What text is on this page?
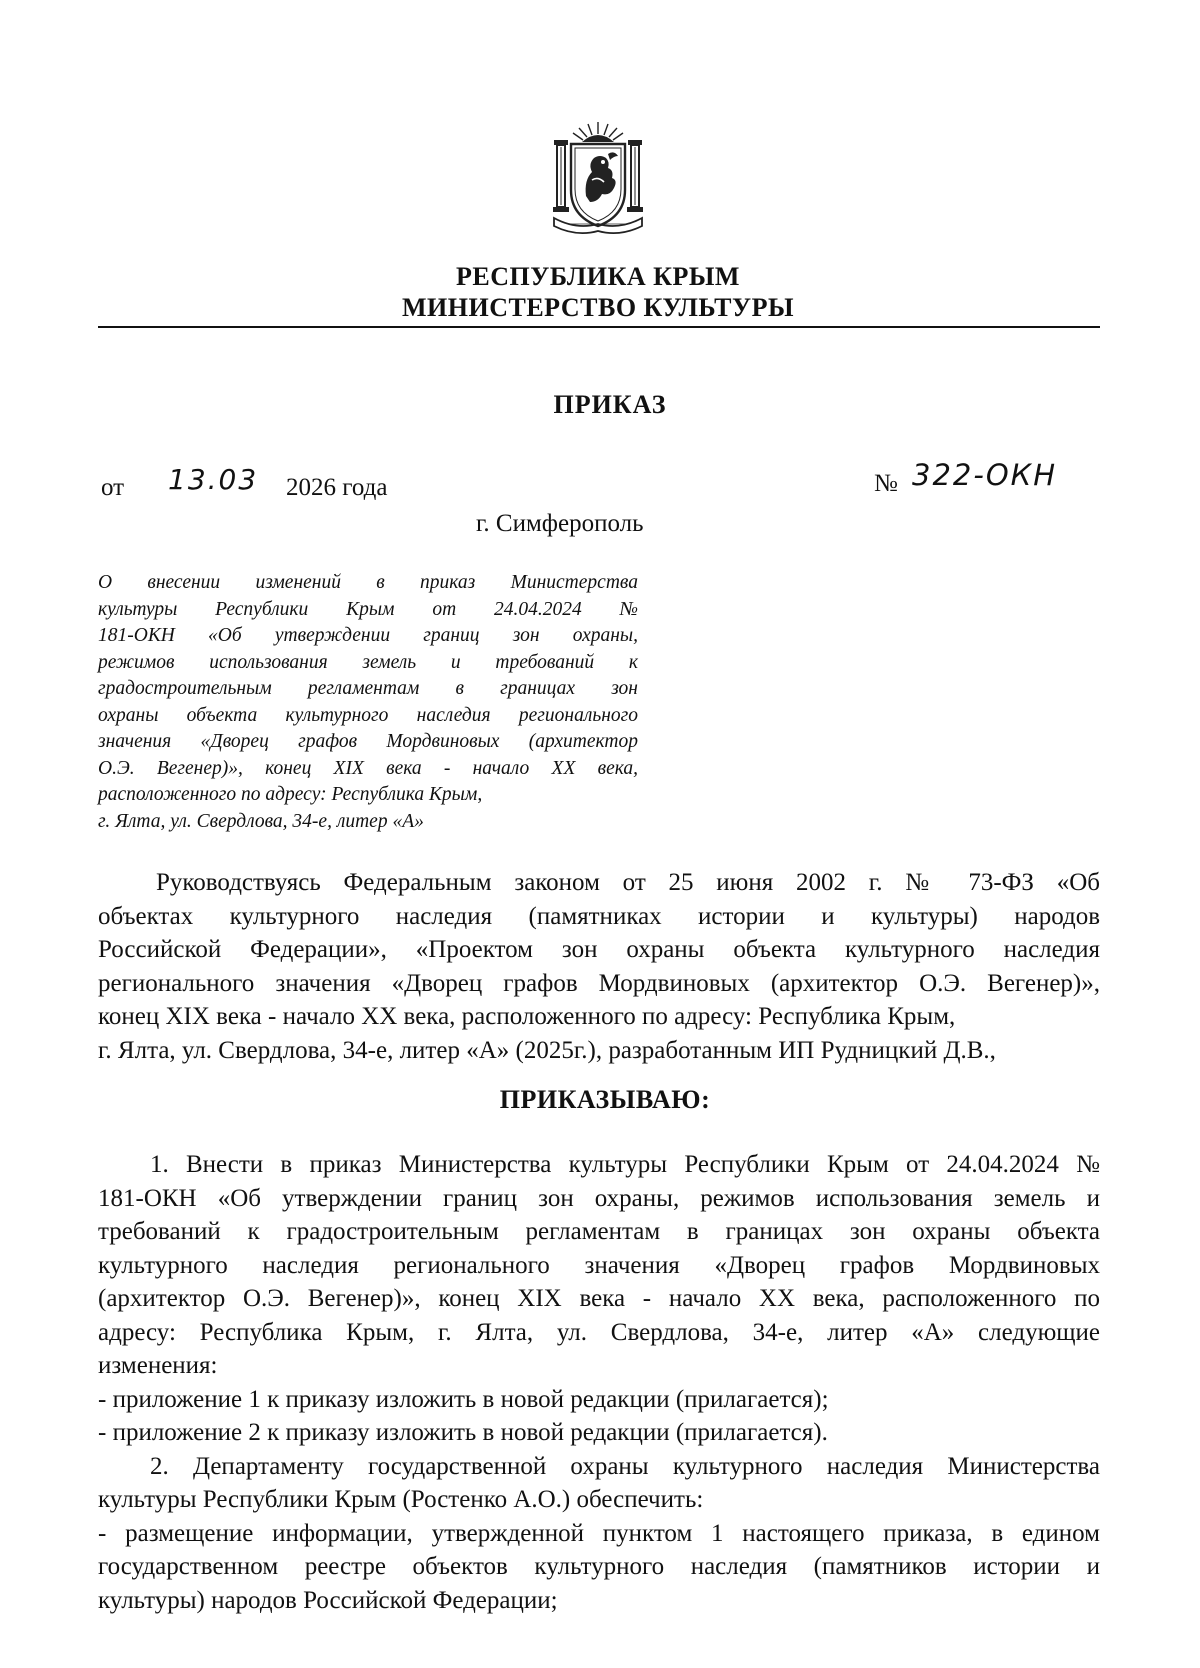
РЕСПУБЛИКА КРЫМ
МИНИСТЕРСТВО КУЛЬТУРЫ
ПРИКАЗ
от 13.03 2026 года	№ 322-ОКН
г. Симферополь
О внесении изменений в приказ Министерства
культуры Республики Крым от 24.04.2024 №
181-ОКН «Об утверждении границ зон охраны,
режимов использования земель и требований к
градостроительным регламентам в границах зон
охраны объекта культурного наследия регионального
значения «Дворец графов Мордвиновых (архитектор
О.Э. Вегенер)», конец XIX века - начало XX века,
расположенного по адресу: Республика Крым,
г. Ялта, ул. Свердлова, 34-е, литер «А»
Руководствуясь Федеральным законом от 25 июня 2002 г. № 73-ФЗ «Об
объектах культурного наследия (памятниках истории и культуры) народов
Российской Федерации», «Проектом зон охраны объекта культурного наследия
регионального значения «Дворец графов Мордвиновых (архитектор О.Э. Вегенер)»,
конец XIX века - начало XX века, расположенного по адресу: Республика Крым,
г. Ялта, ул. Свердлова, 34-е, литер «А» (2025г.), разработанным ИП Рудницкий Д.В.,
ПРИКАЗЫВАЮ:
1. Внести в приказ Министерства культуры Республики Крым от 24.04.2024 №
181-ОКН «Об утверждении границ зон охраны, режимов использования земель и
требований к градостроительным регламентам в границах зон охраны объекта
культурного наследия регионального значения «Дворец графов Мордвиновых
(архитектор О.Э. Вегенер)», конец XIX века - начало XX века, расположенного по
адресу: Республика Крым, г. Ялта, ул. Свердлова, 34-е, литер «А» следующие
изменения:
- приложение 1 к приказу изложить в новой редакции (прилагается);
- приложение 2 к приказу изложить в новой редакции (прилагается).
2. Департаменту государственной охраны культурного наследия Министерства
культуры Республики Крым (Ростенко А.О.) обеспечить:
- размещение информации, утвержденной пунктом 1 настоящего приказа, в едином
государственном реестре объектов культурного наследия (памятников истории и
культуры) народов Российской Федерации;
